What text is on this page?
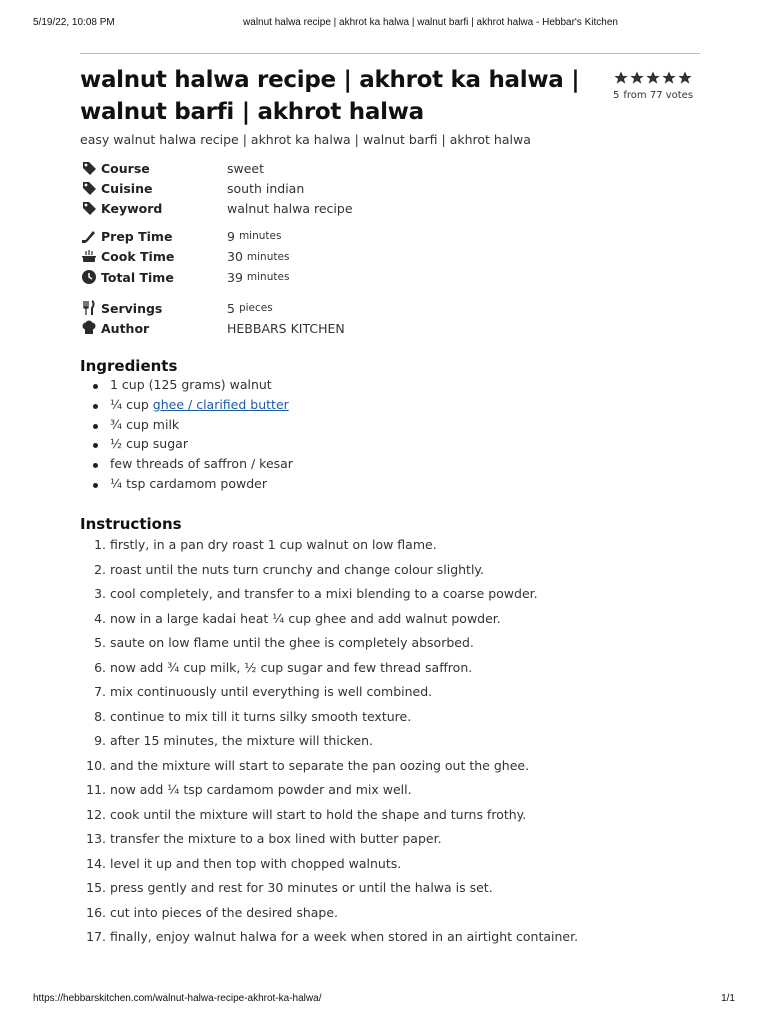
5/19/22, 10:08 PM	walnut halwa recipe | akhrot ka halwa | walnut barfi | akhrot halwa - Hebbar's Kitchen
walnut halwa recipe | akhrot ka halwa | walnut barfi | akhrot halwa
5 from 77 votes
easy walnut halwa recipe | akhrot ka halwa | walnut barfi | akhrot halwa
Course	sweet
Cuisine	south indian
Keyword	walnut halwa recipe
Prep Time	9 minutes
Cook Time	30 minutes
Total Time	39 minutes
Servings	5 pieces
Author	HEBBARS KITCHEN
Ingredients
1 cup (125 grams) walnut
¼ cup ghee / clarified butter
¾ cup milk
½ cup sugar
few threads of saffron / kesar
¼ tsp cardamom powder
Instructions
1. firstly, in a pan dry roast 1 cup walnut on low flame.
2. roast until the nuts turn crunchy and change colour slightly.
3. cool completely, and transfer to a mixi blending to a coarse powder.
4. now in a large kadai heat ¼ cup ghee and add walnut powder.
5. saute on low flame until the ghee is completely absorbed.
6. now add ¾ cup milk, ½ cup sugar and few thread saffron.
7. mix continuously until everything is well combined.
8. continue to mix till it turns silky smooth texture.
9. after 15 minutes, the mixture will thicken.
10. and the mixture will start to separate the pan oozing out the ghee.
11. now add ¼ tsp cardamom powder and mix well.
12. cook until the mixture will start to hold the shape and turns frothy.
13. transfer the mixture to a box lined with butter paper.
14. level it up and then top with chopped walnuts.
15. press gently and rest for 30 minutes or until the halwa is set.
16. cut into pieces of the desired shape.
17. finally, enjoy walnut halwa for a week when stored in an airtight container.
https://hebbarskitchen.com/walnut-halwa-recipe-akhrot-ka-halwa/	1/1
